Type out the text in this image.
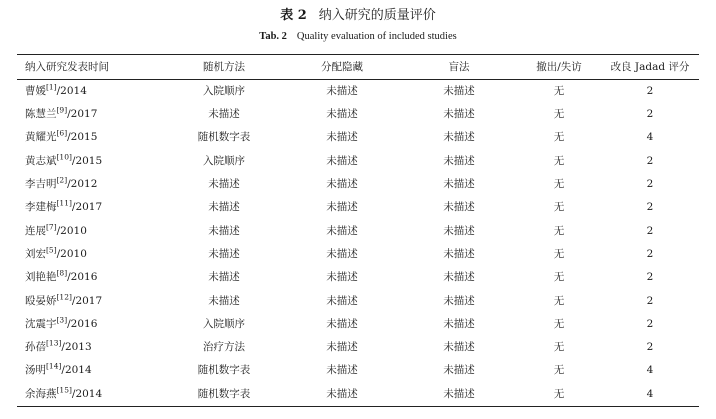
表 2 纳入研究的质量评价
Tab. 2 Quality evaluation of included studies
纳入研究发表时间	随机方法	分配隐藏	盲法	撤出/失访	改良 Jadad 评分
曹媛[1]/2014	入院顺序	未描述	未描述	无	2
陈慧兰[9]/2017	未描述	未描述	未描述	无	2
黄耀光[6]/2015	随机数字表	未描述	未描述	无	4
黄志斌[10]/2015	入院顺序	未描述	未描述	无	2
李吉明[2]/2012	未描述	未描述	未描述	无	2
李建梅[11]/2017	未描述	未描述	未描述	无	2
连展[7]/2010	未描述	未描述	未描述	无	2
刘宏[5]/2010	未描述	未描述	未描述	无	2
刘艳艳[8]/2016	未描述	未描述	未描述	无	2
殴晏娇[12]/2017	未描述	未描述	未描述	无	2
沈震宇[3]/2016	入院顺序	未描述	未描述	无	2
孙蓓[13]/2013	治疗方法	未描述	未描述	无	2
汤明[14]/2014	随机数字表	未描述	未描述	无	4
余海燕[15]/2014	随机数字表	未描述	未描述	无	4
